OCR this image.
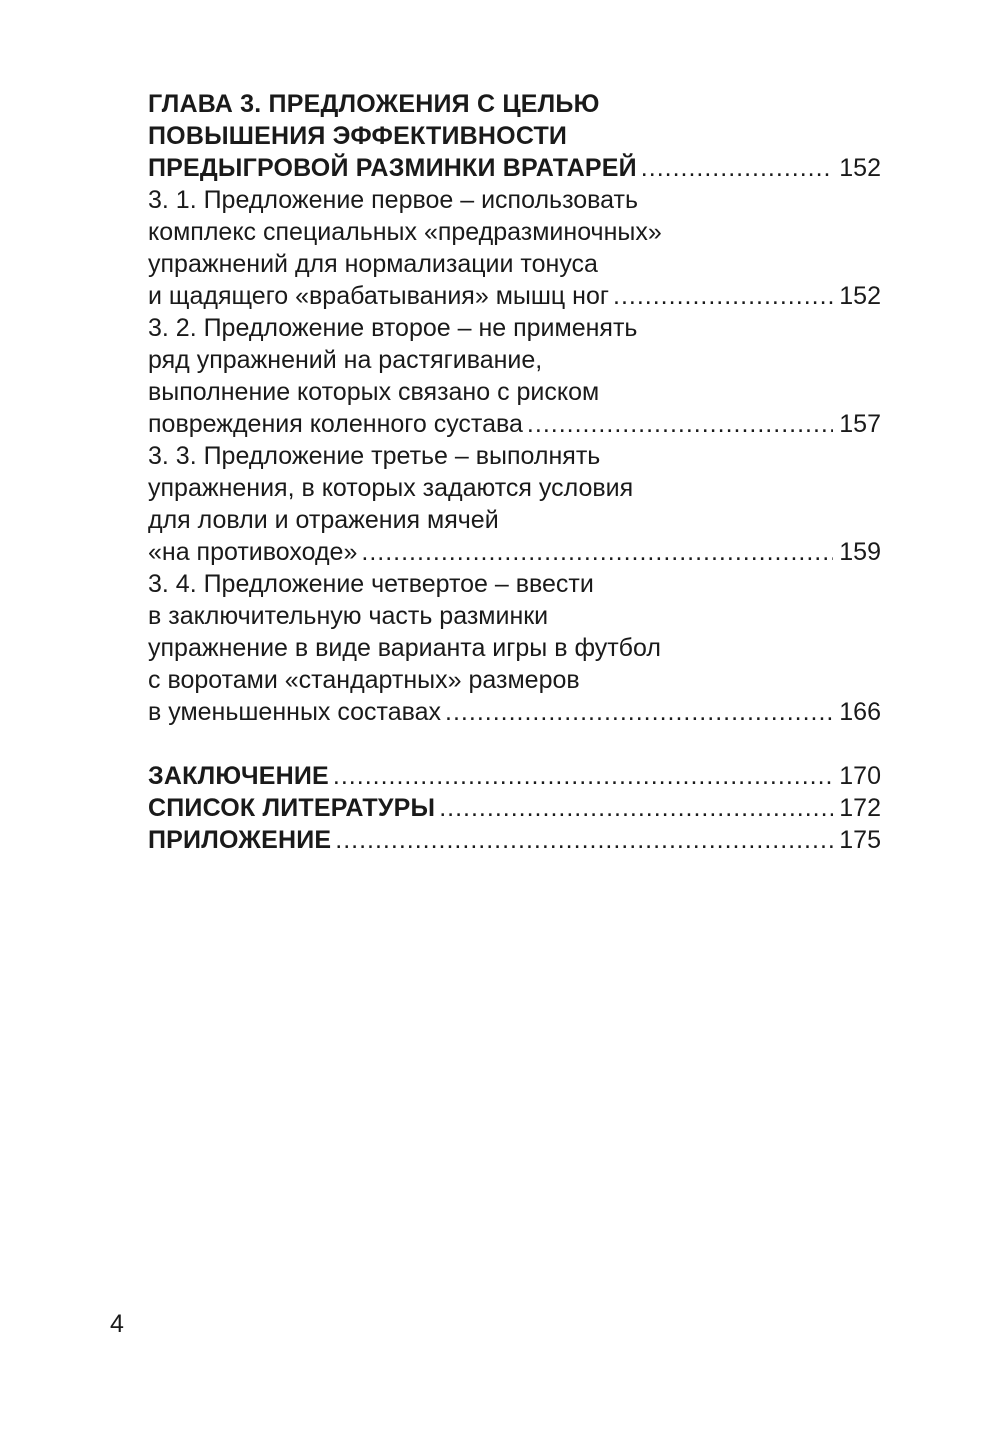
ГЛАВА 3. ПРЕДЛОЖЕНИЯ С ЦЕЛЬЮ
ПОВЫШЕНИЯ ЭФФЕКТИВНОСТИ
ПРЕДЫГРОВОЙ РАЗМИНКИ ВРАТАРЕЙ .....	152
3. 1. Предложение первое – использовать
комплекс специальных «предразминочных»
упражнений для нормализации тонуса
и щадящего «врабатывания» мышц ног .....	152
3. 2. Предложение второе – не применять
ряд упражнений на растягивание,
выполнение которых связано с риском
повреждения коленного сустава .....	157
3. 3. Предложение третье – выполнять
упражнения, в которых задаются условия
для ловли и отражения мячей
«на противоходе» .....	159
3. 4. Предложение четвертое – ввести
в заключительную часть разминки
упражнение в виде варианта игры в футбол
с воротами «стандартных» размеров
в уменьшенных составах .....	166
ЗАКЛЮЧЕНИЕ .....	170
СПИСОК ЛИТЕРАТУРЫ .....	172
ПРИЛОЖЕНИЕ .....	175
4
